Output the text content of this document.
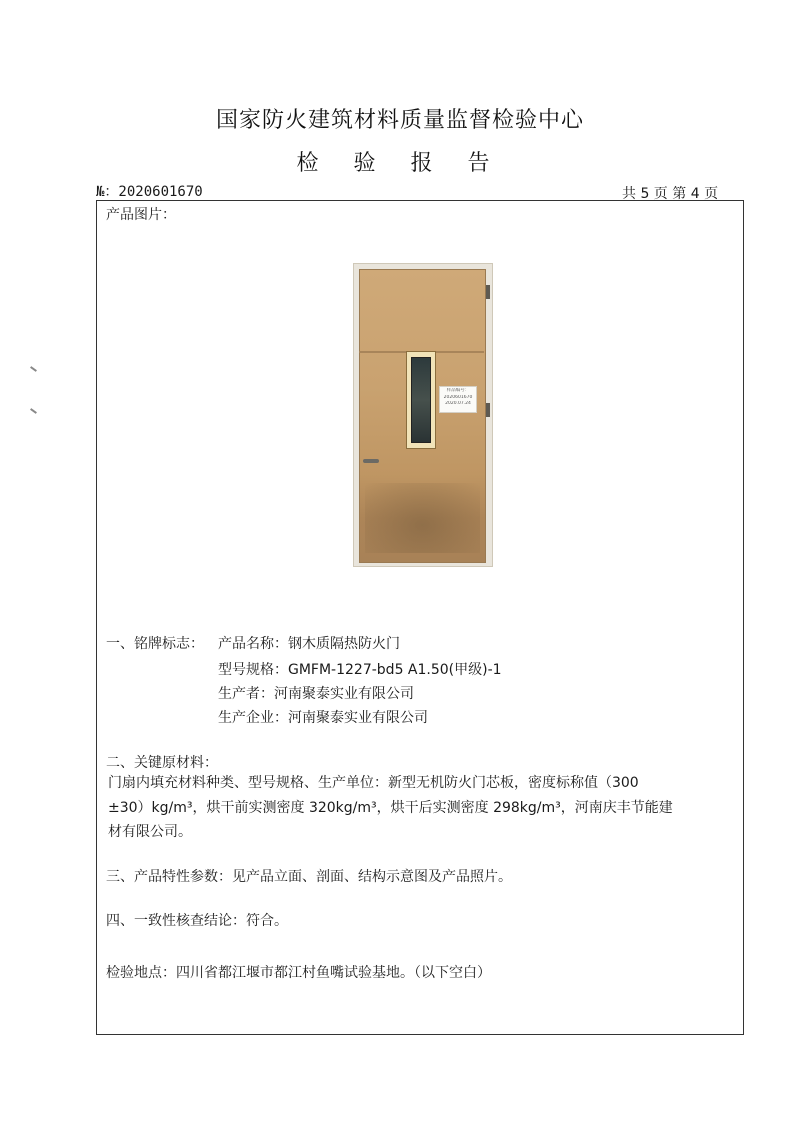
国家防火建筑材料质量监督检验中心
检 验 报 告
№：2020601670	共 5 页 第 4 页
产品图片：
样品编号：
2020601670
2020.07.24
一、铭牌标志： 产品名称：钢木质隔热防火门
型号规格：GMFM-1227-bd5 A1.50(甲级)-1
生产者：河南聚泰实业有限公司
生产企业：河南聚泰实业有限公司
二、关键原材料：
门扇内填充材料种类、型号规格、生产单位：新型无机防火门芯板，密度标称值（300
±30）kg/m³，烘干前实测密度 320kg/m³，烘干后实测密度 298kg/m³，河南庆丰节能建
材有限公司。
三、产品特性参数：见产品立面、剖面、结构示意图及产品照片。
四、一致性核查结论：符合。
检验地点：四川省都江堰市都江村鱼嘴试验基地。（以下空白）
